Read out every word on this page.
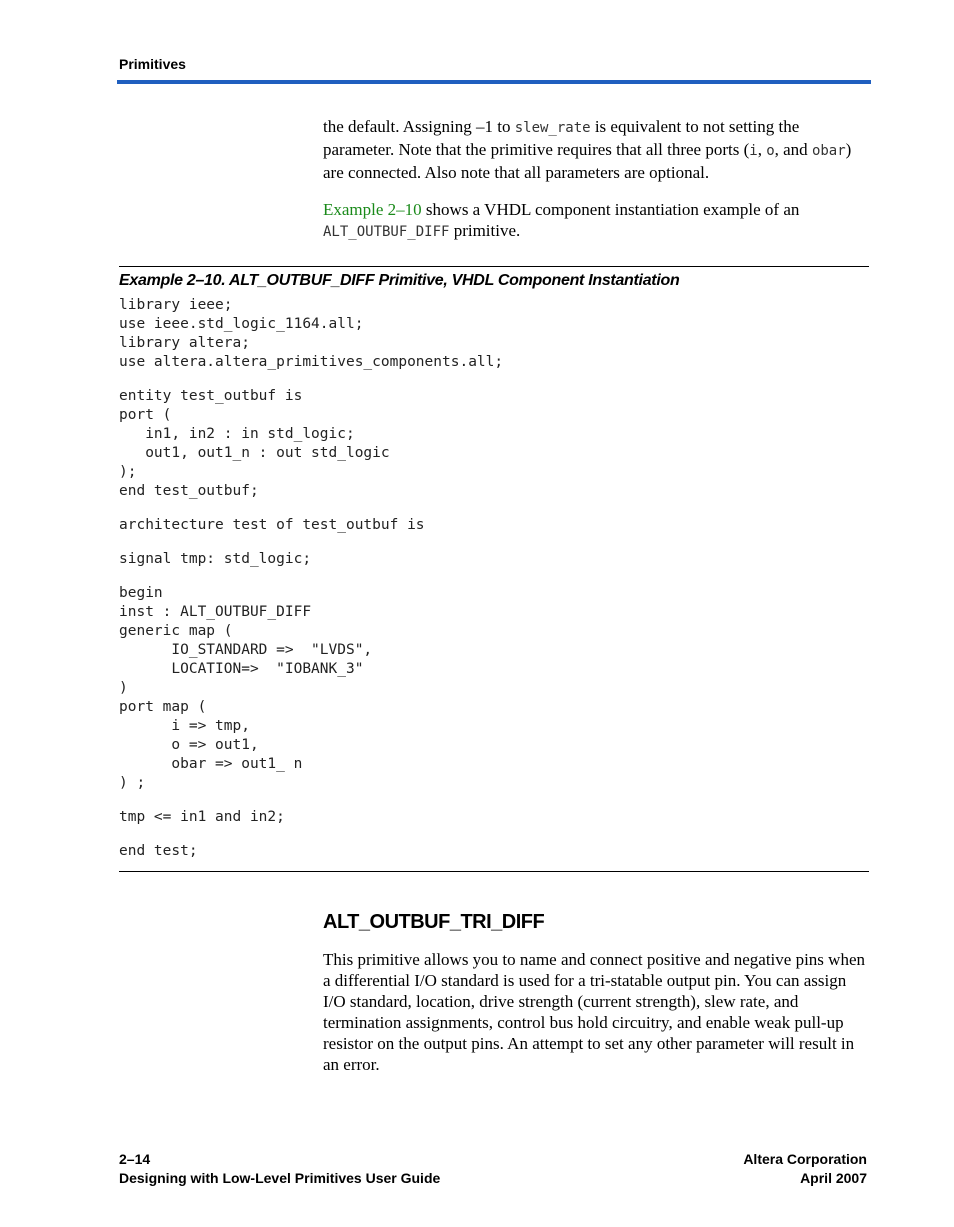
Primitives
the default. Assigning –1 to slew_rate is equivalent to not setting the parameter. Note that the primitive requires that all three ports (i, o, and obar) are connected. Also note that all parameters are optional.
Example 2–10 shows a VHDL component instantiation example of an ALT_OUTBUF_DIFF primitive.
Example 2–10. ALT_OUTBUF_DIFF Primitive, VHDL Component Instantiation
library ieee;
use ieee.std_logic_1164.all;
library altera;
use altera.altera_primitives_components.all;

entity test_outbuf is
port (
in1, in2 : in std_logic;
out1, out1_n : out std_logic
);
end test_outbuf;

architecture test of test_outbuf is

signal tmp: std_logic;

begin
inst : ALT_OUTBUF_DIFF
generic map (
IO_STANDARD =>  "LVDS",
LOCATION=>  "IOBANK_3"
)
port map (
i => tmp,
o => out1,
obar => out1_ n
) ;

tmp <= in1 and in2;

end test;
ALT_OUTBUF_TRI_DIFF
This primitive allows you to name and connect positive and negative pins when a differential I/O standard is used for a tri-statable output pin. You can assign I/O standard, location, drive strength (current strength), slew rate, and termination assignments, control bus hold circuitry, and enable weak pull-up resistor on the output pins. An attempt to set any other parameter will result in an error.
2–14
Designing with Low-Level Primitives User Guide
Altera Corporation
April 2007
